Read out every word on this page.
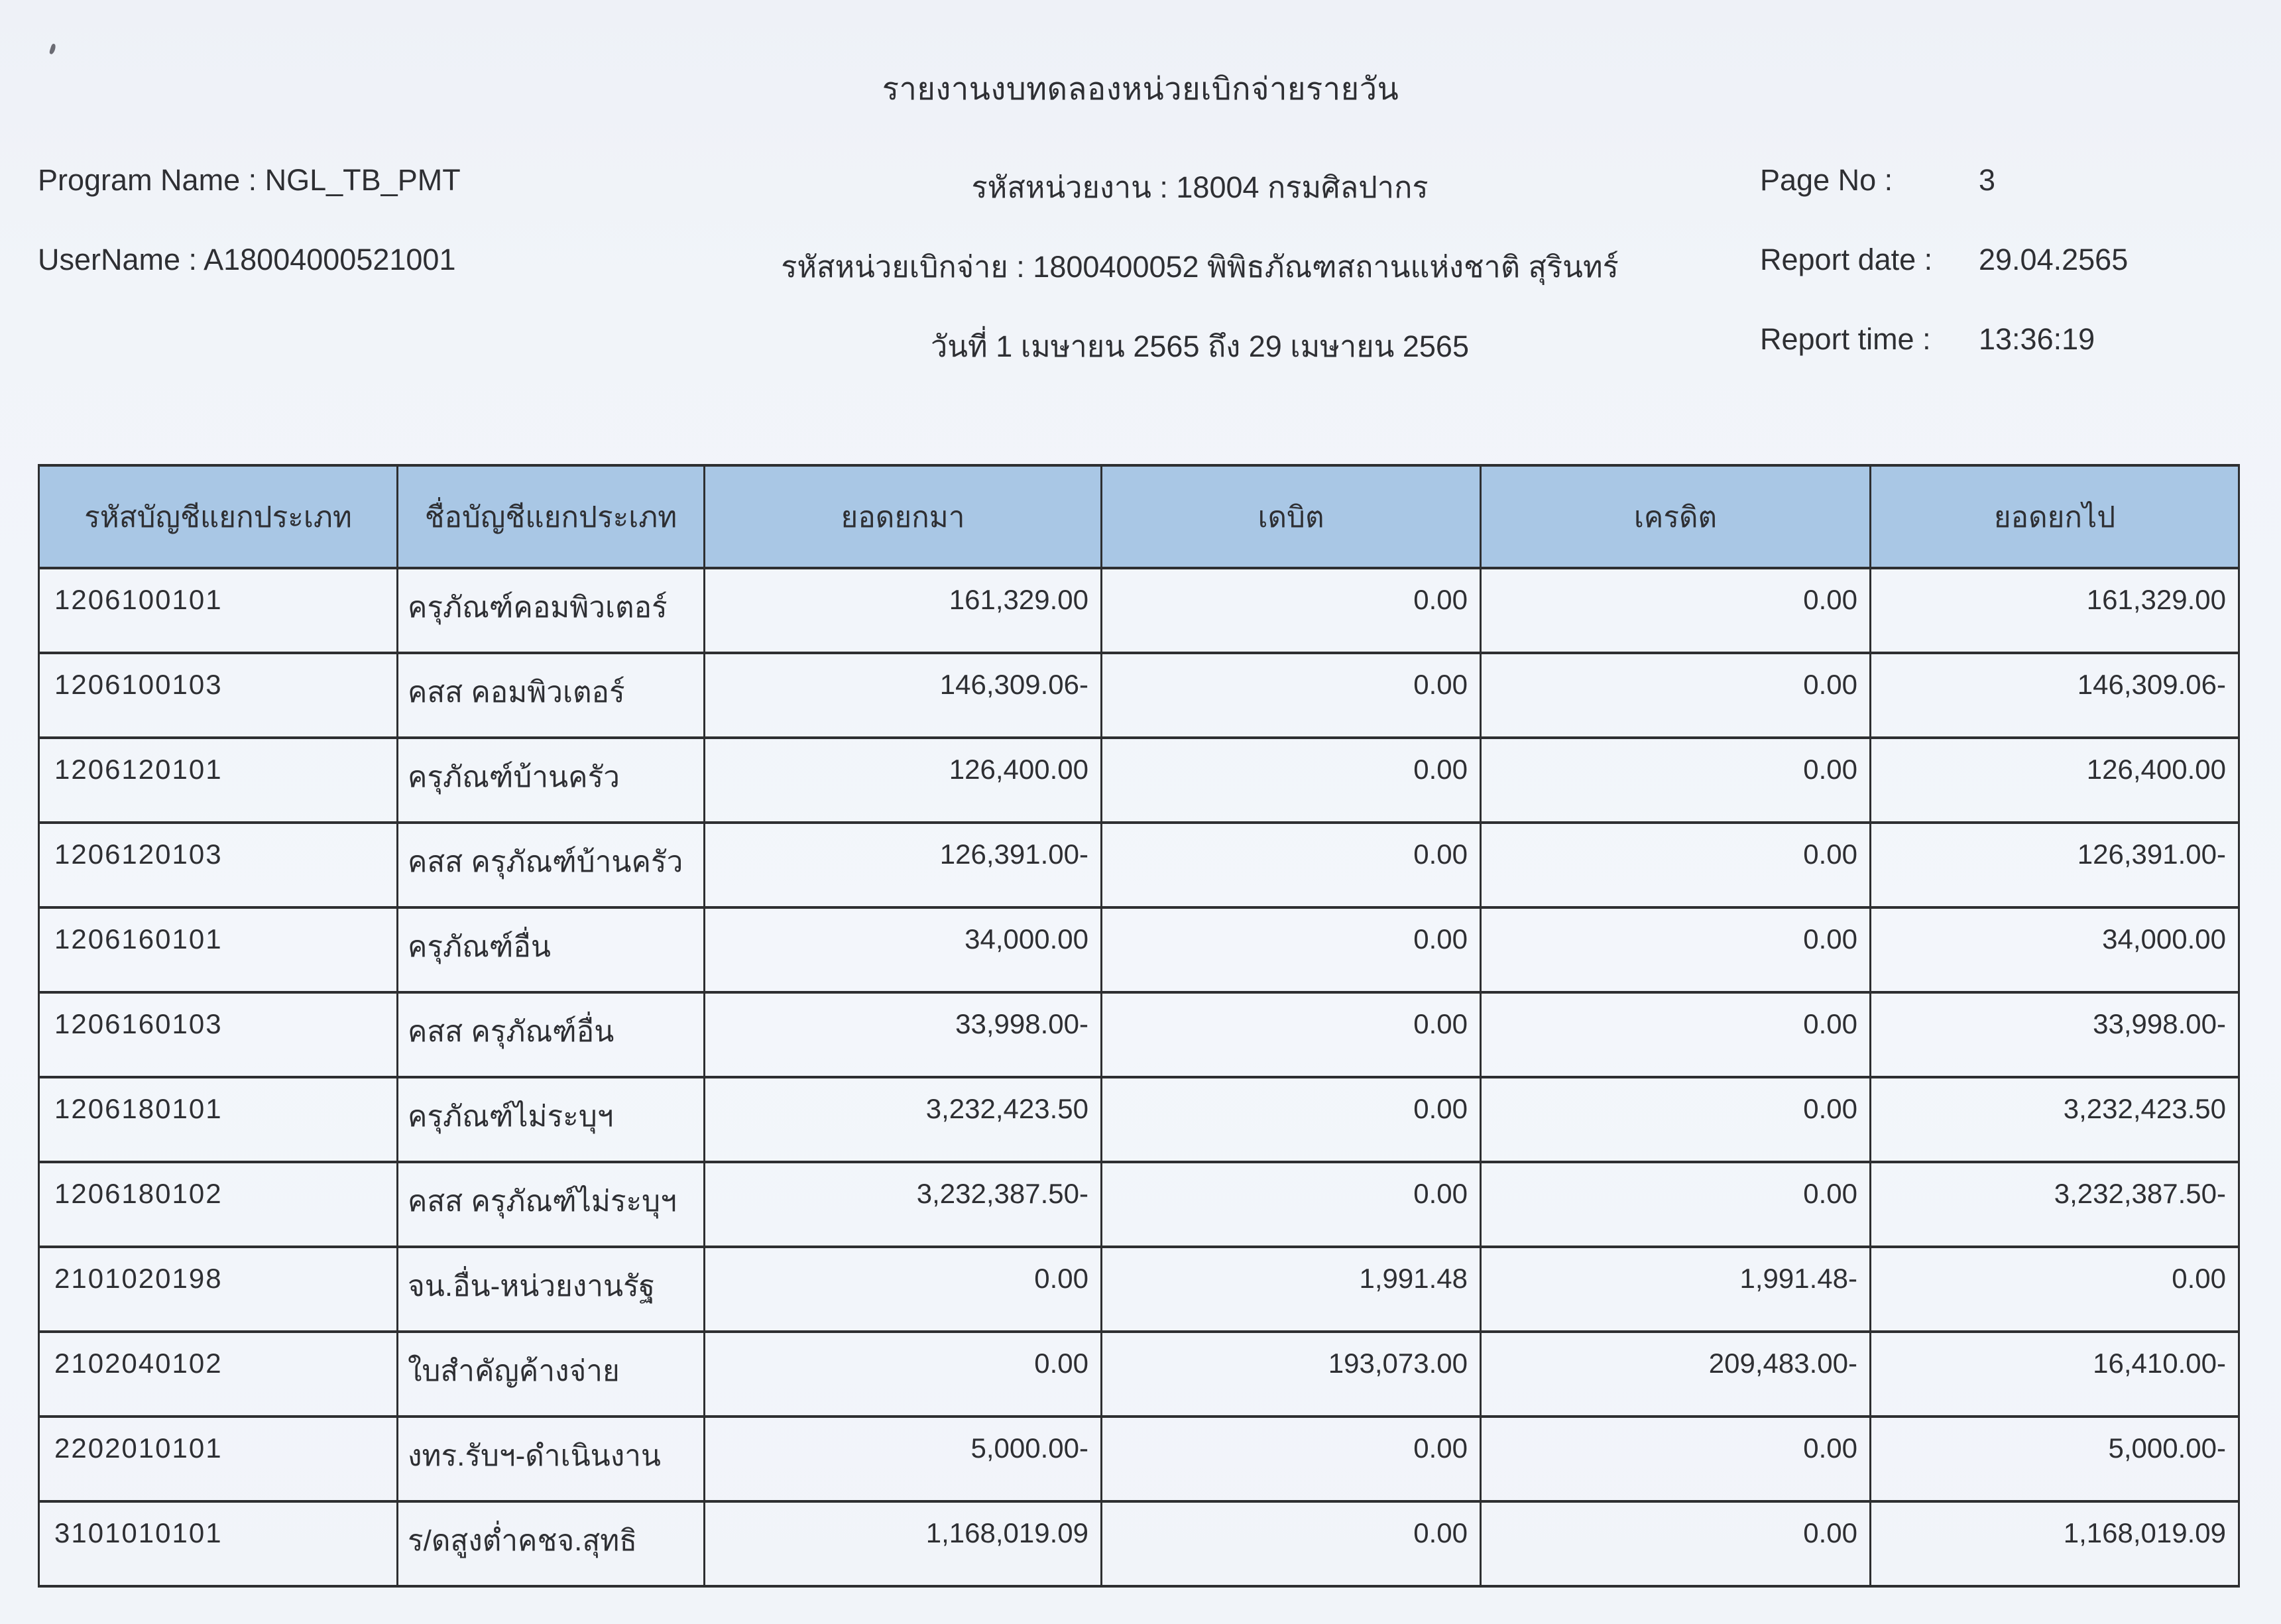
รายงานงบทดลองหน่วยเบิกจ่ายรายวัน
Program Name : NGL_TB_PMT
UserName : A18004000521001
รหัสหน่วยงาน : 18004 กรมศิลปากร
รหัสหน่วยเบิกจ่าย : 1800400052 พิพิธภัณฑสถานแห่งชาติ สุรินทร์
วันที่ 1 เมษายน 2565 ถึง 29 เมษายน 2565
Page No :	3
Report date :	29.04.2565
Report time :	13:36:19
รหัสบัญชีแยกประเภท	ชื่อบัญชีแยกประเภท	ยอดยกมา	เดบิต	เครดิต	ยอดยกไป
1206100101	ครุภัณฑ์คอมพิวเตอร์	161,329.00	0.00	0.00	161,329.00
1206100103	คสส คอมพิวเตอร์	146,309.06-	0.00	0.00	146,309.06-
1206120101	ครุภัณฑ์บ้านครัว	126,400.00	0.00	0.00	126,400.00
1206120103	คสส ครุภัณฑ์บ้านครัว	126,391.00-	0.00	0.00	126,391.00-
1206160101	ครุภัณฑ์อื่น	34,000.00	0.00	0.00	34,000.00
1206160103	คสส ครุภัณฑ์อื่น	33,998.00-	0.00	0.00	33,998.00-
1206180101	ครุภัณฑ์ไม่ระบุฯ	3,232,423.50	0.00	0.00	3,232,423.50
1206180102	คสส ครุภัณฑ์ไม่ระบุฯ	3,232,387.50-	0.00	0.00	3,232,387.50-
2101020198	จน.อื่น-หน่วยงานรัฐ	0.00	1,991.48	1,991.48-	0.00
2102040102	ใบสำคัญค้างจ่าย	0.00	193,073.00	209,483.00-	16,410.00-
2202010101	งทร.รับฯ-ดำเนินงาน	5,000.00-	0.00	0.00	5,000.00-
3101010101	ร/ดสูงต่ำคชจ.สุทธิ	1,168,019.09	0.00	0.00	1,168,019.09
